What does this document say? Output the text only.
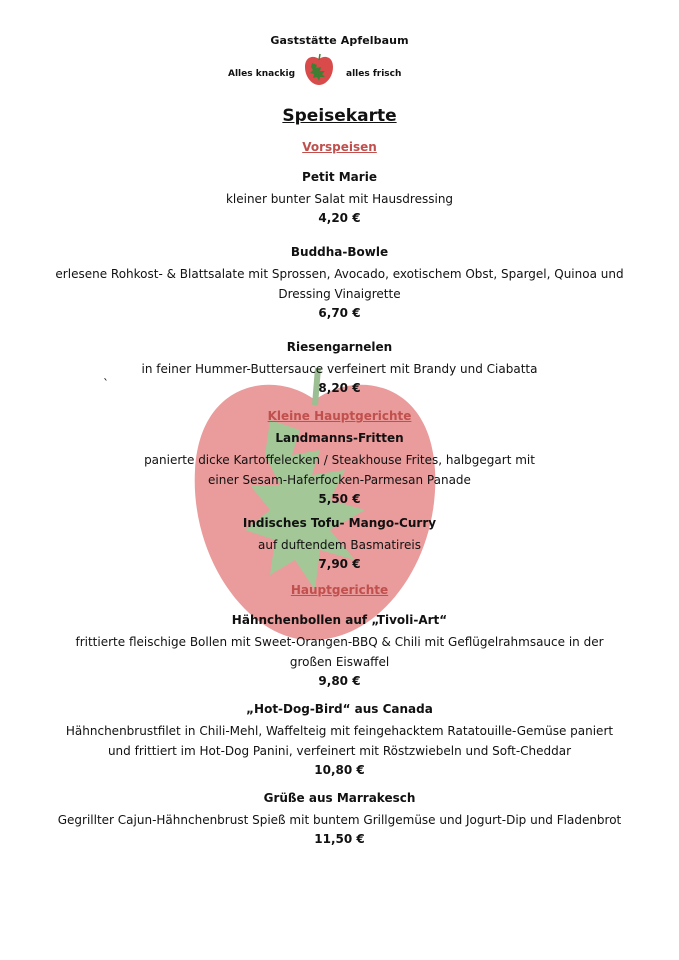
Gaststätte Apfelbaum
Alles knackig	alles frisch
`
Speisekarte
Vorspeisen
Petit Marie
kleiner bunter Salat mit Hausdressing
4,20 €
Buddha-Bowle
erlesene Rohkost- & Blattsalate mit Sprossen, Avocado, exotischem Obst, Spargel, Quinoa und Dressing Vinaigrette
6,70 €
Riesengarnelen
in feiner Hummer-Buttersauce verfeinert mit Brandy und Ciabatta
8,20 €
Kleine Hauptgerichte
Landmanns-Fritten
panierte dicke Kartoffelecken / Steakhouse Frites, halbgegart mit einer Sesam-Haferfocken-Parmesan Panade
5,50 €
Indisches Tofu- Mango-Curry
auf duftendem Basmatireis
7,90 €
Hauptgerichte
Hähnchenbollen auf „Tivoli-Art“
frittierte fleischige Bollen mit Sweet-Orangen-BBQ & Chili mit Geflügelrahmsauce in der großen Eiswaffel
9,80 €
„Hot-Dog-Bird“ aus Canada
Hähnchenbrustfilet in Chili-Mehl, Waffelteig mit feingehacktem Ratatouille-Gemüse paniert und frittiert im Hot-Dog Panini, verfeinert mit Röstzwiebeln und Soft-Cheddar
10,80 €
Grüße aus Marrakesch
Gegrillter Cajun-Hähnchenbrust Spieß mit buntem Grillgemüse und Jogurt-Dip und Fladenbrot
11,50 €
